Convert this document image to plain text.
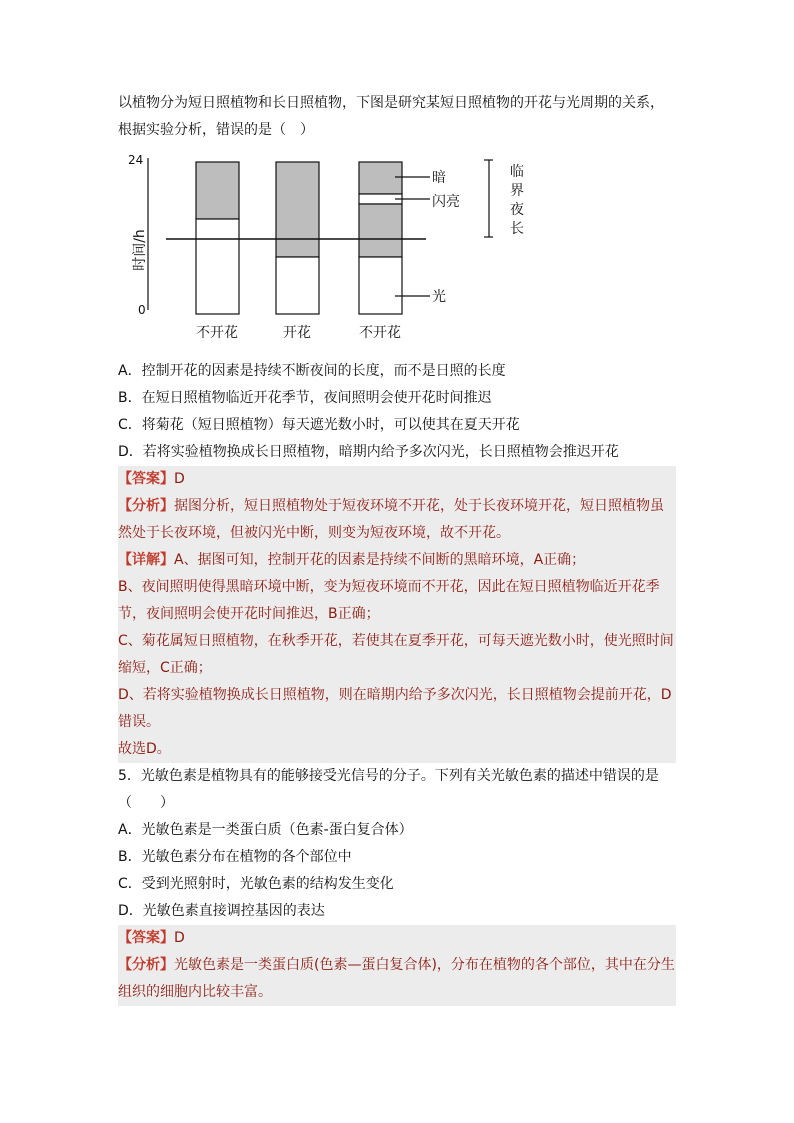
以植物分为短日照植物和长日照植物，下图是研究某短日照植物的开花与光周期的关系，根据实验分析，错误的是（　）

24
0
时间/h
暗
闪亮
光
临
界
夜
长
不开花	开花	不开花

A．控制开花的因素是持续不断夜间的长度，而不是日照的长度

B．在短日照植物临近开花季节，夜间照明会使开花时间推迟

C．将菊花（短日照植物）每天遮光数小时，可以使其在夏天开花

D．若将实验植物换成长日照植物，暗期内给予多次闪光，长日照植物会推迟开花

【答案】D

【分析】据图分析，短日照植物处于短夜环境不开花，处于长夜环境开花，短日照植物虽然处于长夜环境，但被闪光中断，则变为短夜环境，故不开花。

【详解】A、据图可知，控制开花的因素是持续不间断的黑暗环境，A正确；

B、夜间照明使得黑暗环境中断，变为短夜环境而不开花，因此在短日照植物临近开花季节，夜间照明会使开花时间推迟，B正确；

C、菊花属短日照植物，在秋季开花，若使其在夏季开花，可每天遮光数小时，使光照时间缩短，C正确；

D、若将实验植物换成长日照植物，则在暗期内给予多次闪光，长日照植物会提前开花，D错误。

故选D。

5．光敏色素是植物具有的能够接受光信号的分子。下列有关光敏色素的描述中错误的是（　　）

A．光敏色素是一类蛋白质（色素-蛋白复合体）

B．光敏色素分布在植物的各个部位中

C．受到光照射时，光敏色素的结构发生变化

D．光敏色素直接调控基因的表达

【答案】D

【分析】光敏色素是一类蛋白质(色素—蛋白复合体)，分布在植物的各个部位，其中在分生组织的细胞内比较丰富。
